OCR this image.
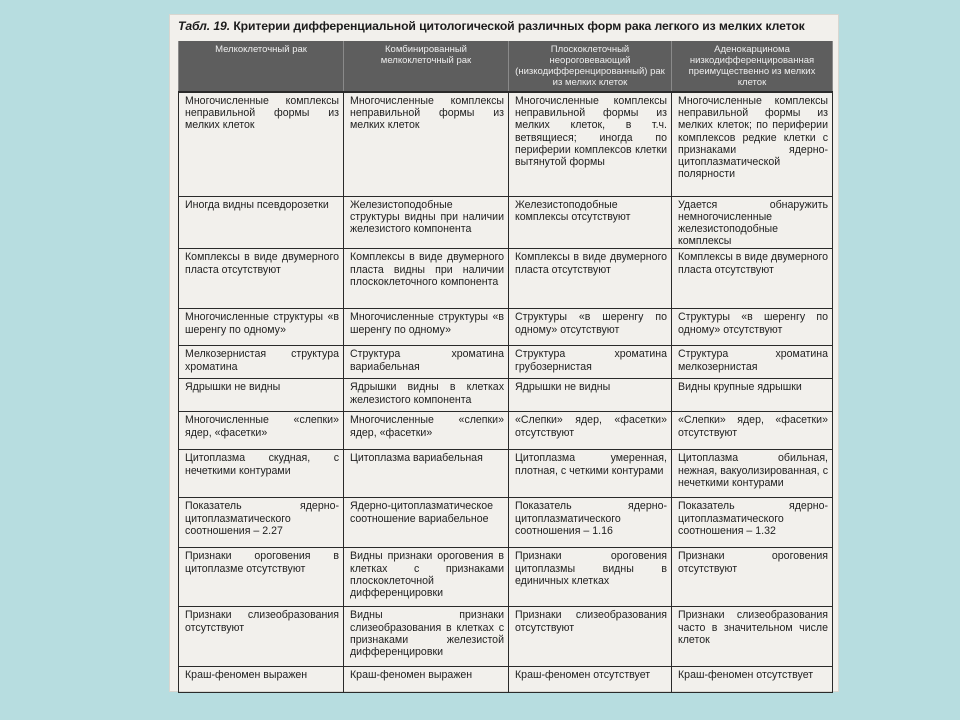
Табл. 19. Критерии дифференциальной цитологической различных форм рака легкого из мелких клеток
Мелкоклеточный рак	Комбинированный мелкоклеточный рак	Плоскоклеточный неороговевающий (низкодифференцированный) рак из мелких клеток	Аденокарцинома низкодифференцированная преимущественно из мелких клеток
Многочисленные комплексы неправильной формы из мелких клеток	Многочисленные комплексы неправильной формы из мелких клеток	Многочисленные комплексы неправильной формы из мелких клеток, в т.ч. ветвящиеся; иногда по периферии комплексов клетки вытянутой формы	Многочисленные комплексы неправильной формы из мелких клеток; по периферии комплексов редкие клетки с признаками ядерно-цитоплазматической полярности
Иногда видны псевдорозетки	Железистоподобные структуры видны при наличии железистого компонента	Железистоподобные комплексы отсутствуют	Удается обнаружить немногочисленные железистоподобные комплексы
Комплексы в виде двумерного пласта отсутствуют	Комплексы в виде двумерного пласта видны при наличии плоскоклеточного компонента	Комплексы в виде двумерного пласта отсутствуют	Комплексы в виде двумерного пласта отсутствуют
Многочисленные структуры «в шеренгу по одному»	Многочисленные структуры «в шеренгу по одному»	Структуры «в шеренгу по одному» отсутствуют	Структуры «в шеренгу по одному» отсутствуют
Мелкозернистая структура хроматина	Структура хроматина вариабельная	Структура хроматина грубозернистая	Структура хроматина мелкозернистая
Ядрышки не видны	Ядрышки видны в клетках железистого компонента	Ядрышки не видны	Видны крупные ядрышки
Многочисленные «слепки» ядер, «фасетки»	Многочисленные «слепки» ядер, «фасетки»	«Слепки» ядер, «фасетки» отсутствуют	«Слепки» ядер, «фасетки» отсутствуют
Цитоплазма скудная, с нечеткими контурами	Цитоплазма вариабельная	Цитоплазма умеренная, плотная, с четкими контурами	Цитоплазма обильная, нежная, вакуолизированная, с нечеткими контурами
Показатель ядерно-цитоплазматического соотношения – 2.27	Ядерно-цитоплазматическое соотношение вариабельное	Показатель ядерно-цитоплазматического соотношения – 1.16	Показатель ядерно-цитоплазматического соотношения – 1.32
Признаки ороговения в цитоплазме отсутствуют	Видны признаки ороговения в клетках с признаками плоскоклеточной дифференцировки	Признаки ороговения цитоплазмы видны в единичных клетках	Признаки ороговения отсутствуют
Признаки слизеобразования отсутствуют	Видны признаки слизеобразования в клетках с признаками железистой дифференцировки	Признаки слизеобразования отсутствуют	Признаки слизеобразования часто в значительном числе клеток
Краш-феномен выражен	Краш-феномен выражен	Краш-феномен отсутствует	Краш-феномен отсутствует
